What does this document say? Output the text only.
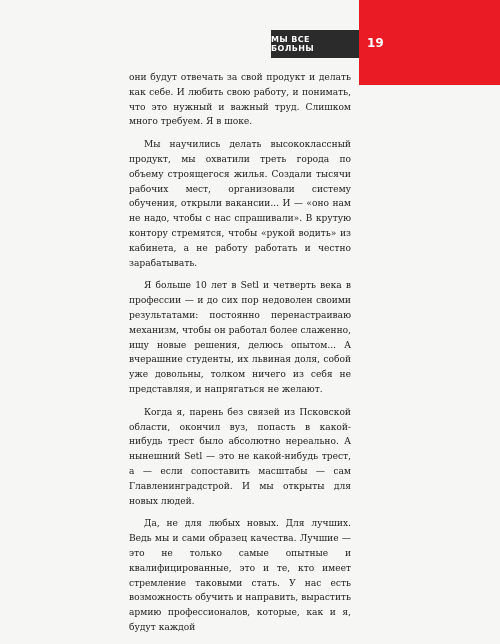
МЫ ВСЕ БОЛЬНЫ	19

они будут отвечать за свой продукт и делать как себе. И любить свою работу, и понимать, что это нужный и важный труд. Слишком много требуем. Я в шоке.

Мы научились делать высококлассный продукт, мы охватили треть города по объему строящегося жилья. Создали тысячи рабочих мест, организовали систему обучения, открыли вакансии... И — «оно нам не надо, чтобы с нас спрашивали». В крутую контору стремятся, чтобы «рукой водить» из кабинета, а не работу работать и честно зарабатывать.

Я больше 10 лет в Setl и четверть века в профессии — и до сих пор недоволен своими результатами: постоянно перенастраиваю механизм, чтобы он работал более слаженно, ищу новые решения, делюсь опытом... А вчерашние студенты, их львиная доля, собой уже довольны, толком ничего из себя не представляя, и напрягаться не желают.

Когда я, парень без связей из Псковской области, окончил вуз, попасть в какой-нибудь трест было абсолютно нереально. А нынешний Setl — это не какой-нибудь трест, а — если сопоставить масштабы — сам Главленинградстрой. И мы открыты для новых людей.

Да, не для любых новых. Для лучших. Ведь мы и сами образец качества. Лучшие — это не только самые опытные и квалифицированные, это и те, кто имеет стремление таковыми стать. У нас есть возможность обучить и направить, вырастить армию профессионалов, которые, как и я, будут каждой
